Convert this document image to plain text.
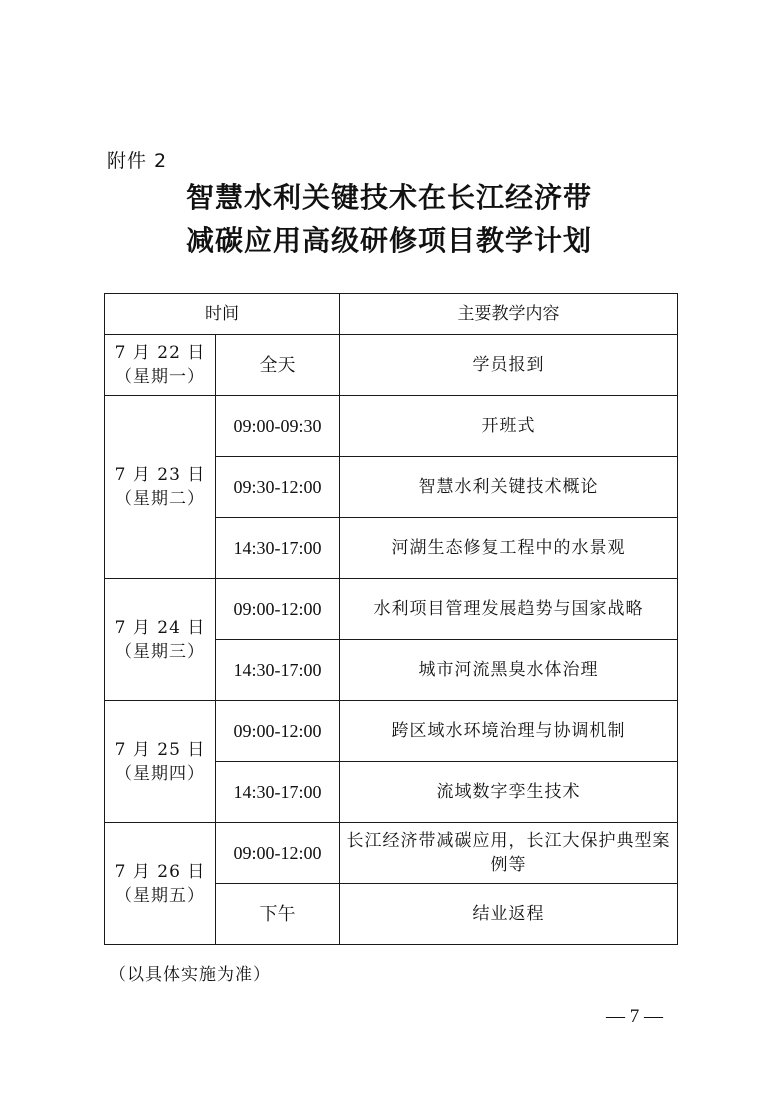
附件 2
智慧水利关键技术在长江经济带
减碳应用高级研修项目教学计划
时间		主要教学内容

7 月 22 日
（星期一）	全天	学员报到

7 月 23 日
（星期二）	09:00-09:30	开班式
	09:30-12:00	智慧水利关键技术概论
	14:30-17:00	河湖生态修复工程中的水景观

7 月 24 日
（星期三）	09:00-12:00	水利项目管理发展趋势与国家战略
	14:30-17:00	城市河流黑臭水体治理

7 月 25 日
（星期四）	09:00-12:00	跨区域水环境治理与协调机制
	14:30-17:00	流域数字孪生技术

7 月 26 日
（星期五）	09:00-12:00	长江经济带减碳应用，长江大保护典型案例等
	下午	结业返程
（以具体实施为准）
— 7 —
